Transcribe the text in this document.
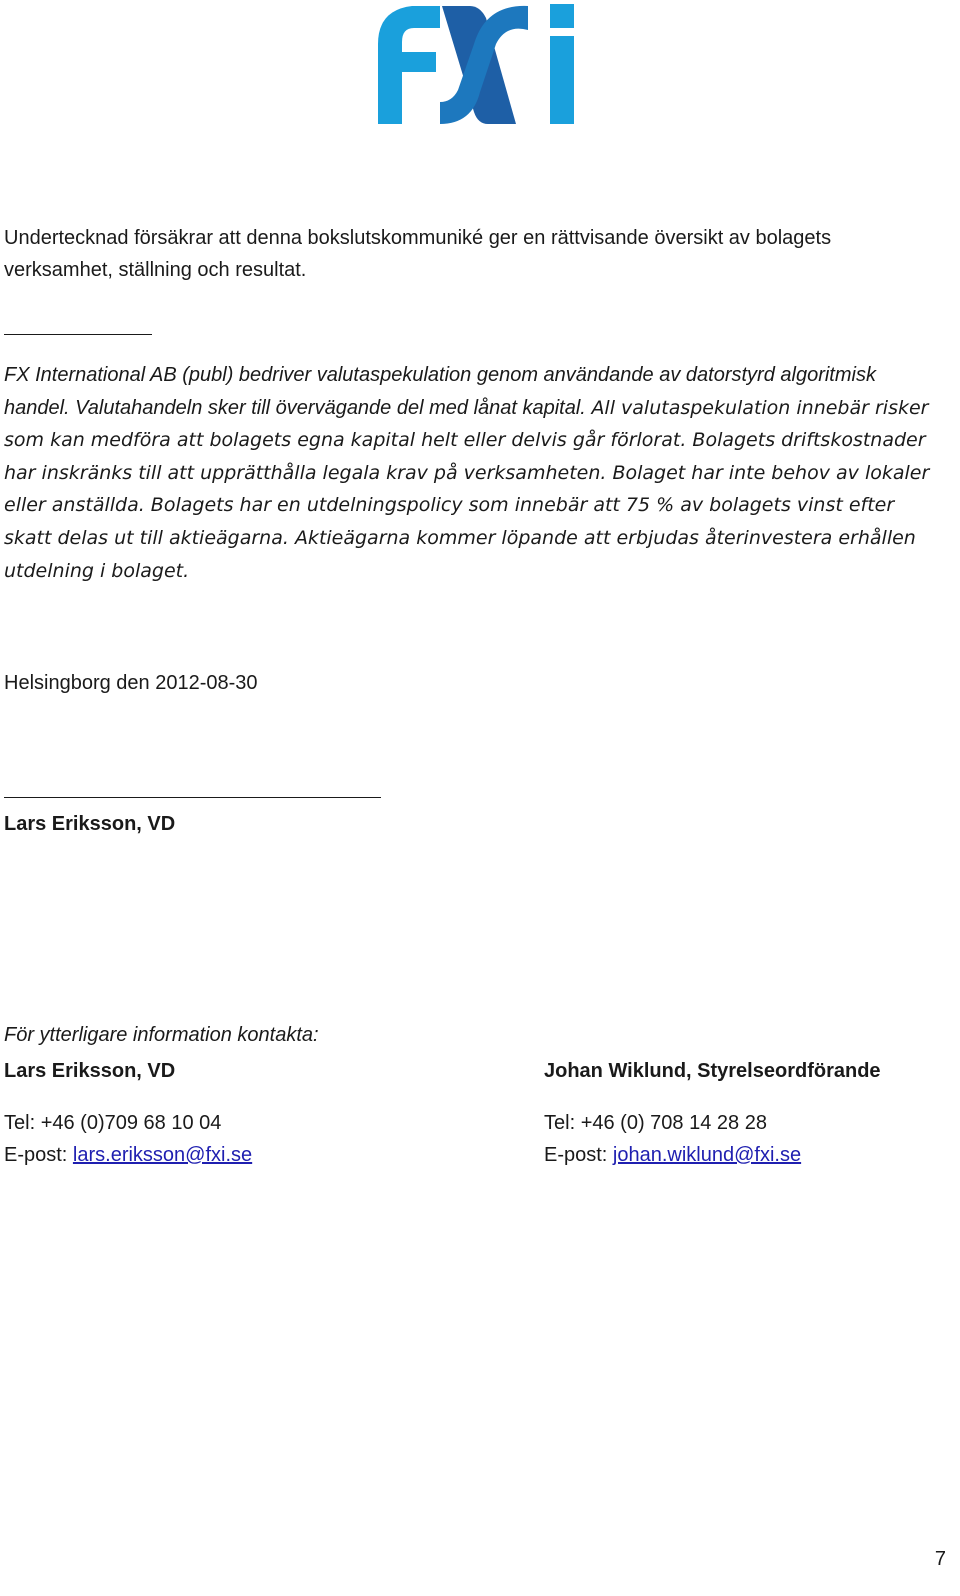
Undertecknad försäkrar att denna bokslutskommuniké ger en rättvisande översikt av bolagets verksamhet, ställning och resultat.

FX International AB (publ) bedriver valutaspekulation genom användande av datorstyrd algoritmisk handel. Valutahandeln sker till övervägande del med lånat kapital. All valutaspekulation innebär risker som kan medföra att bolagets egna kapital helt eller delvis går förlorat. Bolagets driftskostnader har inskränks till att upprätthålla legala krav på verksamheten. Bolaget har inte behov av lokaler eller anställda. Bolagets har en utdelningspolicy som innebär att 75 % av bolagets vinst efter skatt delas ut till aktieägarna. Aktieägarna kommer löpande att erbjudas återinvestera erhållen utdelning i bolaget.

Helsingborg den 2012-08-30

Lars Eriksson, VD

För ytterligare information kontakta:

Lars Eriksson, VD
Tel: +46 (0)709 68 10 04
E-post: lars.eriksson@fxi.se
Johan Wiklund, Styrelseordförande
Tel: +46 (0) 708 14 28 28
E-post: johan.wiklund@fxi.se
7
